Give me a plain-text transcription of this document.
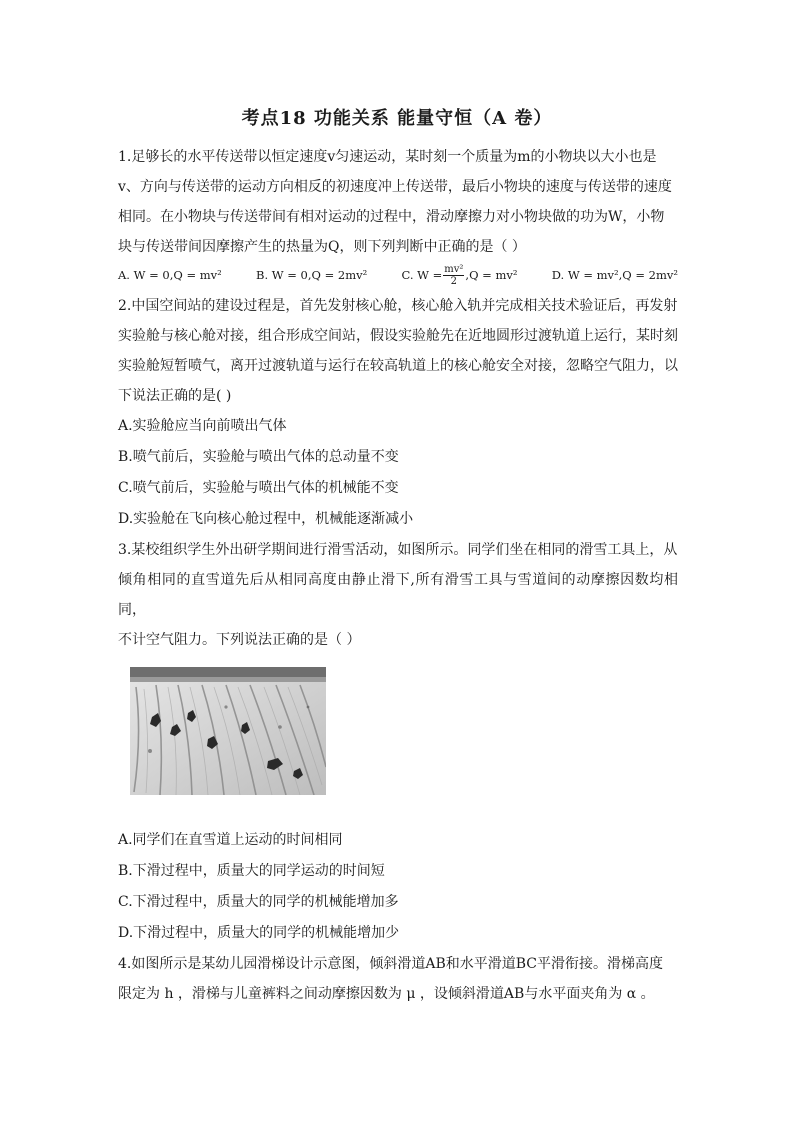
考点18 功能关系 能量守恒（A 卷）

1.足够长的水平传送带以恒定速度v匀速运动，某时刻一个质量为m的小物块以大小也是

v、方向与传送带的运动方向相反的初速度冲上传送带，最后小物块的速度与传送带的速度

相同。在小物块与传送带间有相对运动的过程中，滑动摩擦力对小物块做的功为W，小物

块与传送带间因摩擦产生的热量为Q，则下列判断中正确的是（ ）

A. W = 0,Q = mv²	B. W = 0,Q = 2mv²	C. $W = \frac{\text{mv²}}{2} ,Q = mv^2$	D. W = mv²,Q = 2mv²

2.中国空间站的建设过程是，首先发射核心舱，核心舱入轨并完成相关技术验证后，再发射

实验舱与核心舱对接，组合形成空间站，假设实验舱先在近地圆形过渡轨道上运行，某时刻

实验舱短暂喷气，离开过渡轨道与运行在较高轨道上的核心舱安全对接，忽略空气阻力，以

下说法正确的是( )

A.实验舱应当向前喷出气体

B.喷气前后，实验舱与喷出气体的总动量不变

C.喷气前后，实验舱与喷出气体的机械能不变

D.实验舱在飞向核心舱过程中，机械能逐渐减小

3.某校组织学生外出研学期间进行滑雪活动，如图所示。同学们坐在相同的滑雪工具上，从

倾角相同的直雪道先后从相同高度由静止滑下,所有滑雪工具与雪道间的动摩擦因数均相同，

不计空气阻力。下列说法正确的是（ ）

A.同学们在直雪道上运动的时间相同

B.下滑过程中，质量大的同学运动的时间短

C.下滑过程中，质量大的同学的机械能增加多

D.下滑过程中，质量大的同学的机械能增加少

4.如图所示是某幼儿园滑梯设计示意图，倾斜滑道AB和水平滑道BC平滑衔接。滑梯高度

限定为 h ，滑梯与儿童裤料之间动摩擦因数为 μ ，设倾斜滑道AB与水平面夹角为 α 。
